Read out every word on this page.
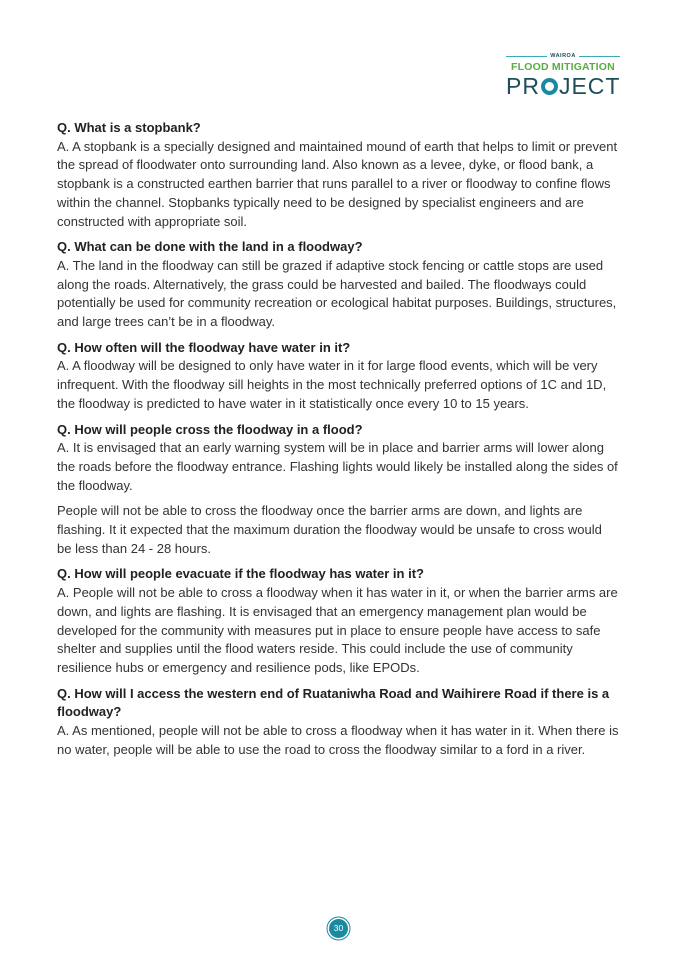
WAIROA
FLOOD MITIGATION
PR JECT
Q. What is a stopbank?
A. A stopbank is a specially designed and maintained mound of earth that helps to limit or prevent the spread of floodwater onto surrounding land. Also known as a levee, dyke, or flood bank, a stopbank is a constructed earthen barrier that runs parallel to a river or floodway to confine flows within the channel. Stopbanks typically need to be designed by specialist engineers and are constructed with appropriate soil.
Q. What can be done with the land in a floodway?
A. The land in the floodway can still be grazed if adaptive stock fencing or cattle stops are used along the roads. Alternatively, the grass could be harvested and bailed. The floodways could potentially be used for community recreation or ecological habitat purposes. Buildings, structures, and large trees can’t be in a floodway.
Q. How often will the floodway have water in it?
A. A floodway will be designed to only have water in it for large flood events, which will be very infrequent. With the floodway sill heights in the most technically preferred options of 1C and 1D, the floodway is predicted to have water in it statistically once every 10 to 15 years.
Q. How will people cross the floodway in a flood?
A. It is envisaged that an early warning system will be in place and barrier arms will lower along the roads before the floodway entrance. Flashing lights would likely be installed along the sides of the floodway.
People will not be able to cross the floodway once the barrier arms are down, and lights are flashing. It it expected that the maximum duration the floodway would be unsafe to cross would be less than 24 - 28 hours.
Q. How will people evacuate if the floodway has water in it?
A. People will not be able to cross a floodway when it has water in it, or when the barrier arms are down, and lights are flashing. It is envisaged that an emergency management plan would be developed for the community with measures put in place to ensure people have access to safe shelter and supplies until the flood waters reside. This could include the use of community resilience hubs or emergency and resilience pods, like EPODs.
Q. How will I access the western end of Ruataniwha Road and Waihirere Road if there is a floodway?
A. As mentioned, people will not be able to cross a floodway when it has water in it. When there is no water, people will be able to use the road to cross the floodway similar to a ford in a river.
30
